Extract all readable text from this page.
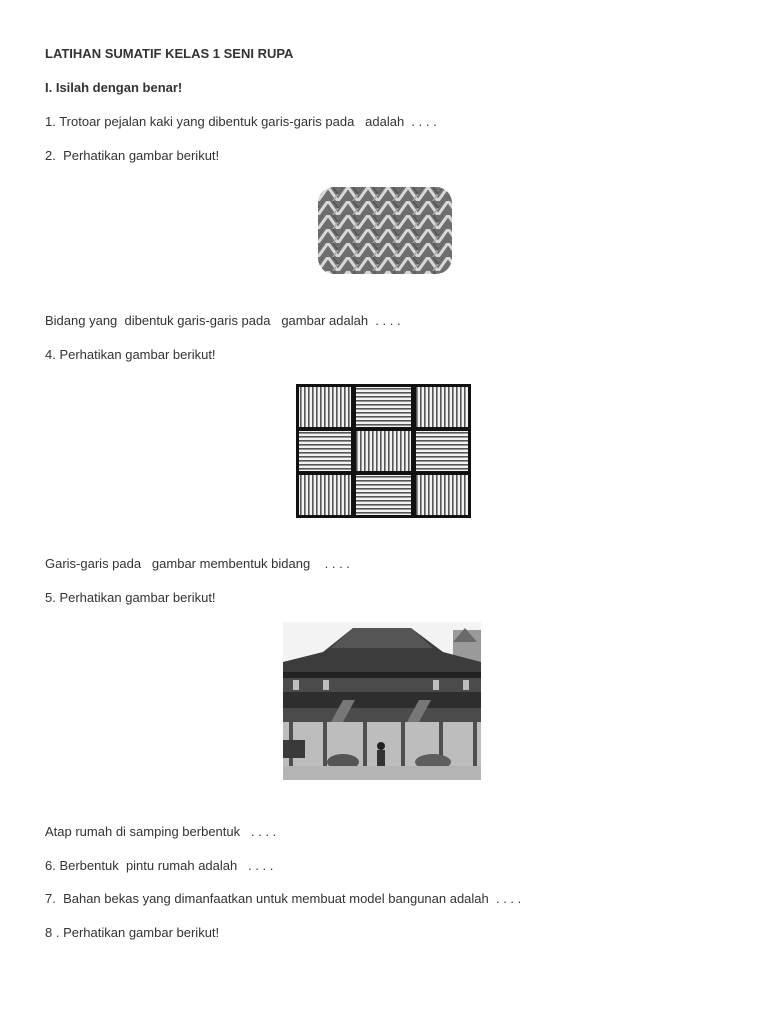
LATIHAN SUMATIF KELAS 1 SENI RUPA
I. Isilah dengan benar!
1. Trotoar pejalan kaki yang dibentuk garis-garis pada   adalah  . . . .
2.  Perhatikan gambar berikut!
Bidang yang  dibentuk garis-garis pada   gambar adalah  . . . .
4. Perhatikan gambar berikut!
Garis-garis pada   gambar membentuk bidang    . . . .
5. Perhatikan gambar berikut!
Atap rumah di samping berbentuk   . . . .
6. Berbentuk  pintu rumah adalah   . . . .
7.  Bahan bekas yang dimanfaatkan untuk membuat model bangunan adalah  . . . .
8 . Perhatikan gambar berikut!
